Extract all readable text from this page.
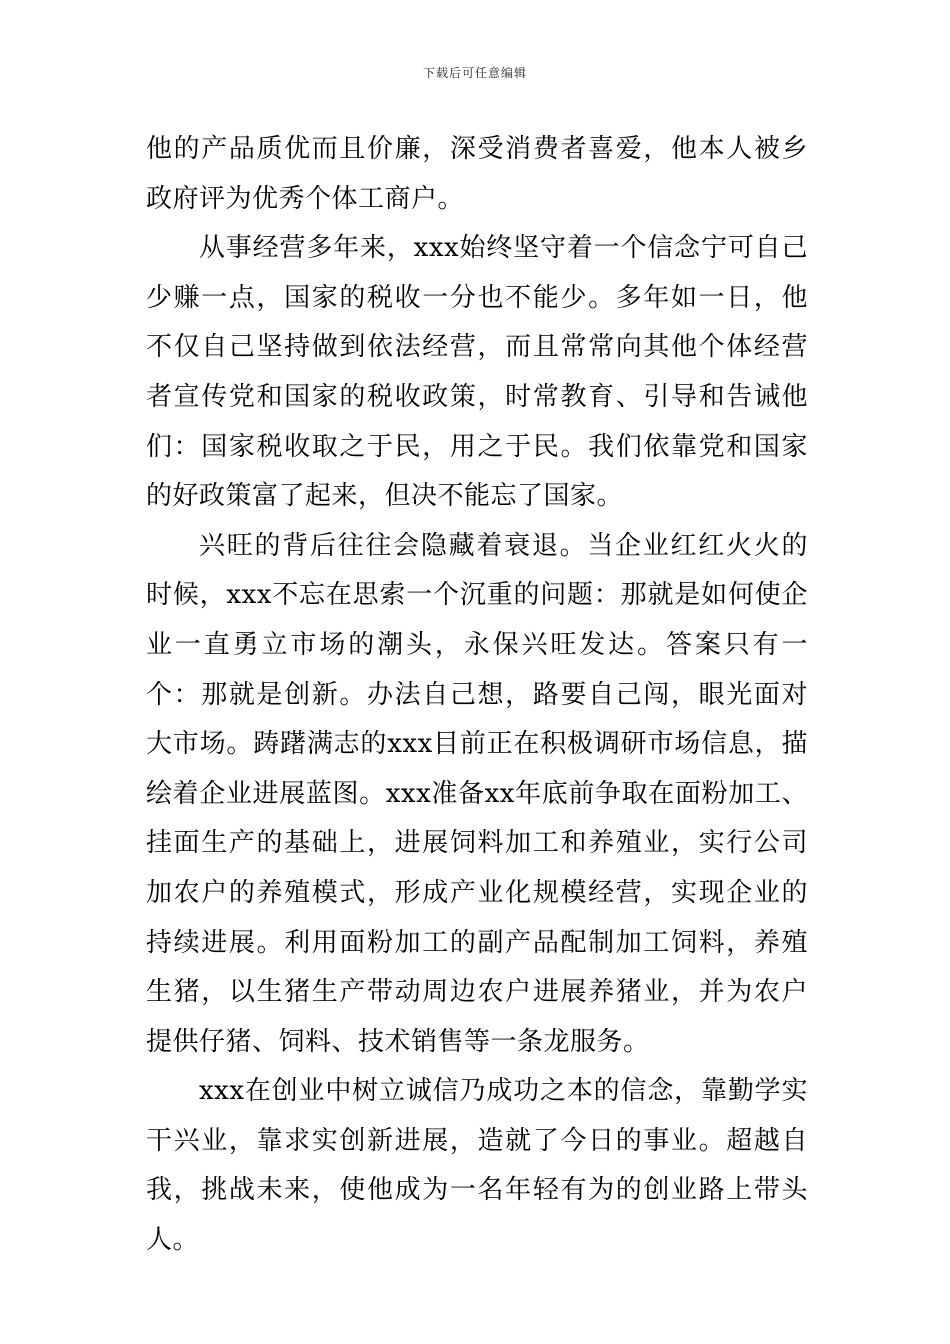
下载后可任意编辑

他的产品质优而且价廉，深受消费者喜爱，他本人被乡政府评为优秀个体工商户。

从事经营多年来，xxx始终坚守着一个信念宁可自己少赚一点，国家的税收一分也不能少。多年如一日，他不仅自己坚持做到依法经营，而且常常向其他个体经营者宣传党和国家的税收政策，时常教育、引导和告诫他们：国家税收取之于民，用之于民。我们依靠党和国家的好政策富了起来，但决不能忘了国家。

兴旺的背后往往会隐藏着衰退。当企业红红火火的时候，xxx不忘在思索一个沉重的问题：那就是如何使企业一直勇立市场的潮头，永保兴旺发达。答案只有一个：那就是创新。办法自己想，路要自己闯，眼光面对大市场。踌躇满志的xxx目前正在积极调研市场信息，描绘着企业进展蓝图。xxx准备xx年底前争取在面粉加工、挂面生产的基础上，进展饲料加工和养殖业，实行公司加农户的养殖模式，形成产业化规模经营，实现企业的持续进展。利用面粉加工的副产品配制加工饲料，养殖生猪，以生猪生产带动周边农户进展养猪业，并为农户提供仔猪、饲料、技术销售等一条龙服务。

xxx在创业中树立诚信乃成功之本的信念，靠勤学实干兴业，靠求实创新进展，造就了今日的事业。超越自我，挑战未来，使他成为一名年轻有为的创业路上带头人。
